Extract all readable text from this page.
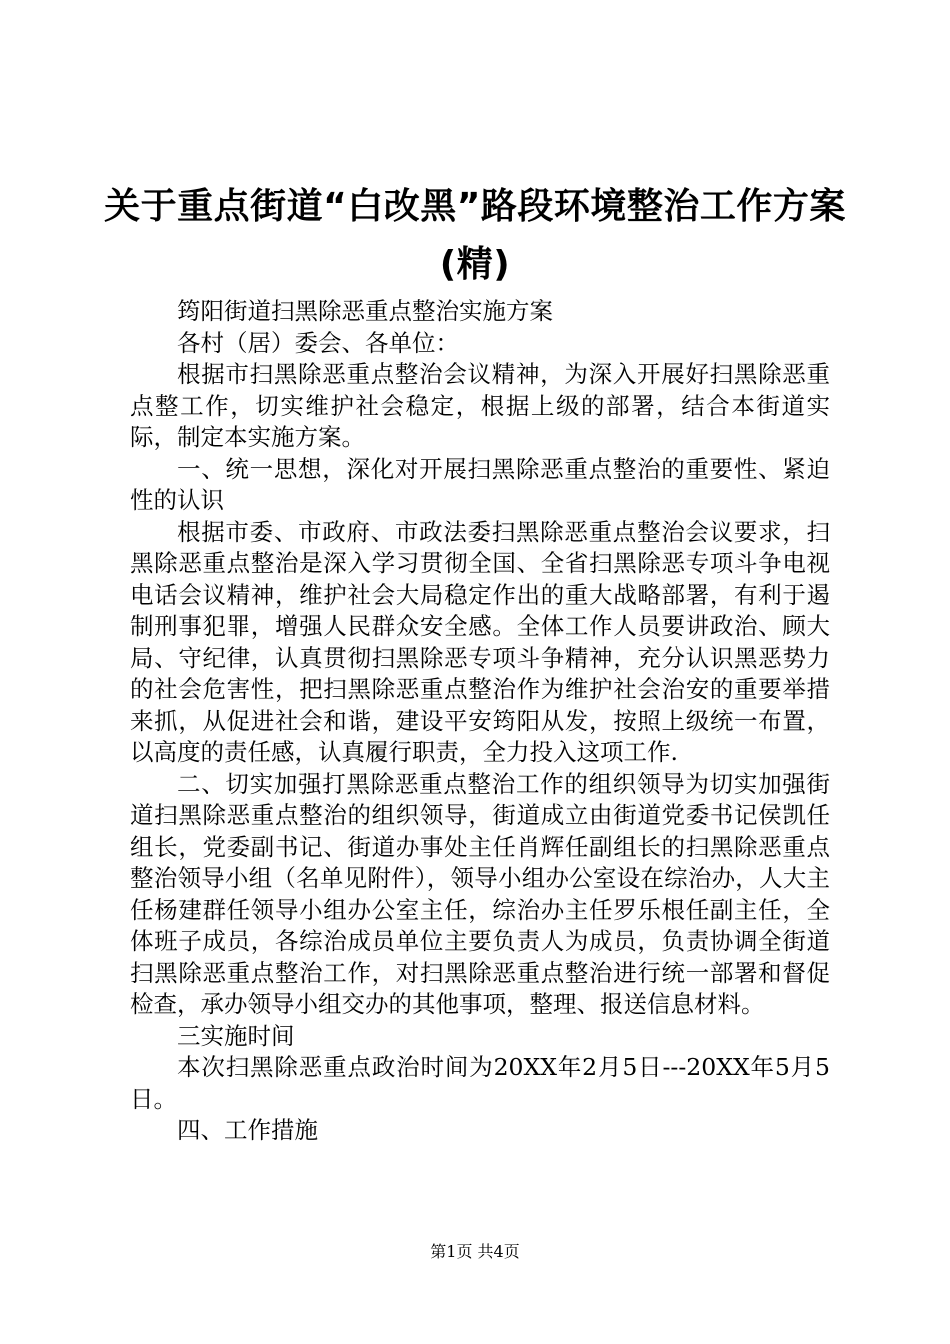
关于重点街道“白改黑”路段环境整治工作方案(精)

筠阳街道扫黑除恶重点整治实施方案

各村（居）委会、各单位：

根据市扫黑除恶重点整治会议精神，为深入开展好扫黑除恶重点整工作，切实维护社会稳定，根据上级的部署，结合本街道实际，制定本实施方案。

一、统一思想，深化对开展扫黑除恶重点整治的重要性、紧迫性的认识

根据市委、市政府、市政法委扫黑除恶重点整治会议要求，扫黑除恶重点整治是深入学习贯彻全国、全省扫黑除恶专项斗争电视电话会议精神，维护社会大局稳定作出的重大战略部署，有利于遏制刑事犯罪，增强人民群众安全感。全体工作人员要讲政治、顾大局、守纪律，认真贯彻扫黑除恶专项斗争精神，充分认识黑恶势力的社会危害性，把扫黑除恶重点整治作为维护社会治安的重要举措来抓，从促进社会和谐，建设平安筠阳从发，按照上级统一布置，以高度的责任感，认真履行职责，全力投入这项工作.

二、切实加强打黑除恶重点整治工作的组织领导为切实加强街道扫黑除恶重点整治的组织领导，街道成立由街道党委书记侯凯任组长，党委副书记、街道办事处主任肖辉任副组长的扫黑除恶重点整治领导小组（名单见附件），领导小组办公室设在综治办，人大主任杨建群任领导小组办公室主任，综治办主任罗乐根任副主任，全体班子成员，各综治成员单位主要负责人为成员，负责协调全街道扫黑除恶重点整治工作，对扫黑除恶重点整治进行统一部署和督促检查，承办领导小组交办的其他事项，整理、报送信息材料。

三实施时间

本次扫黑除恶重点政治时间为20XX年2月5日---20XX年5月5日。

四、工作措施

第1页 共4页
